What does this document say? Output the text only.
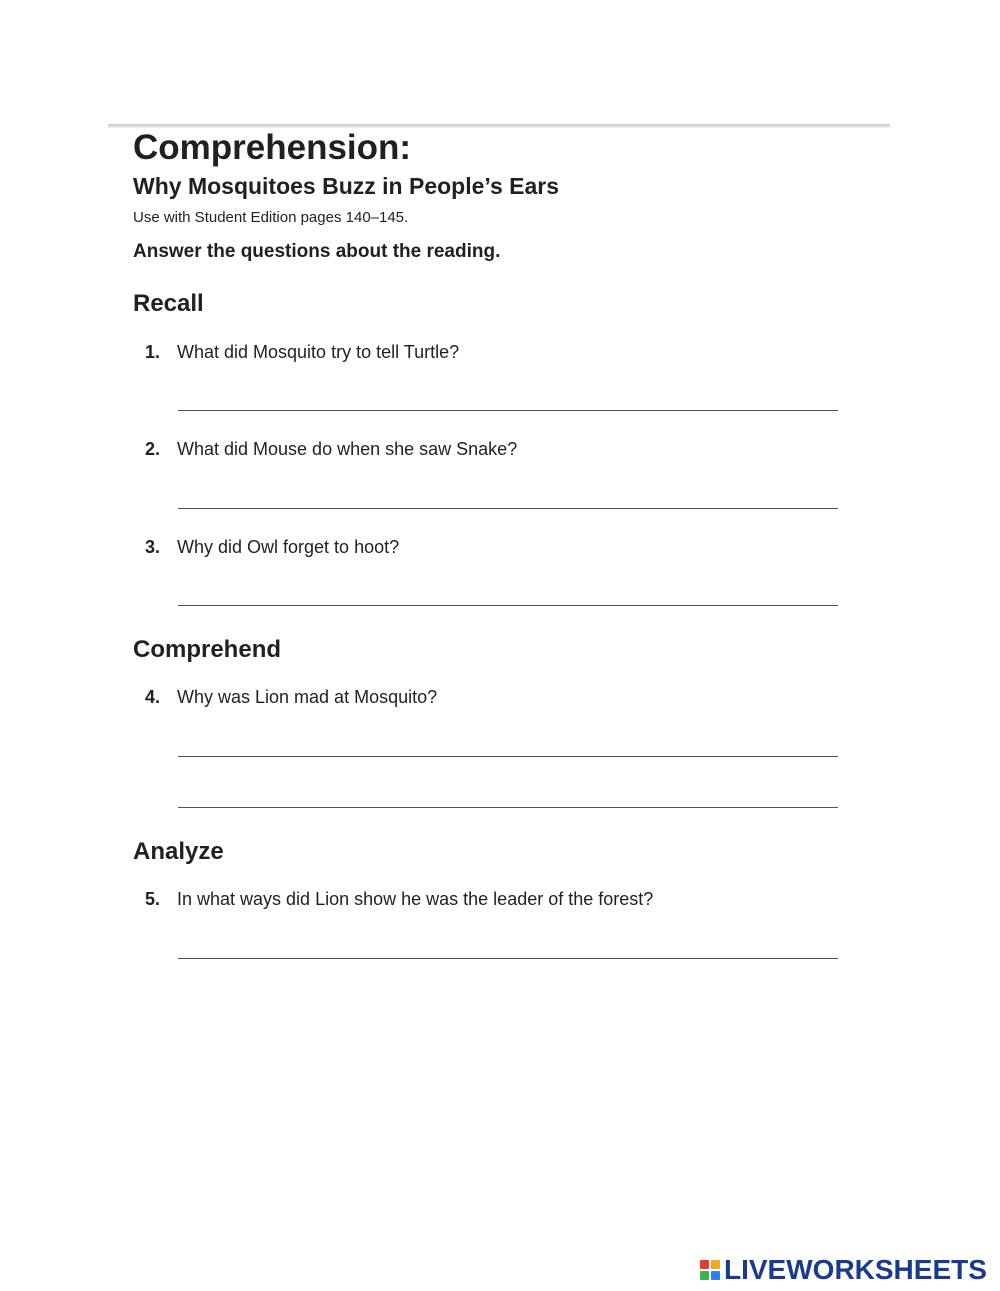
Comprehension:
Why Mosquitoes Buzz in People’s Ears

Use with Student Edition pages 140–145.

Answer the questions about the reading.

Recall
1. What did Mosquito try to tell Turtle?
2. What did Mouse do when she saw Snake?
3. Why did Owl forget to hoot?
Comprehend
4. Why was Lion mad at Mosquito?
Analyze
5. In what ways did Lion show he was the leader of the forest?
LIVEWORKSHEETS
